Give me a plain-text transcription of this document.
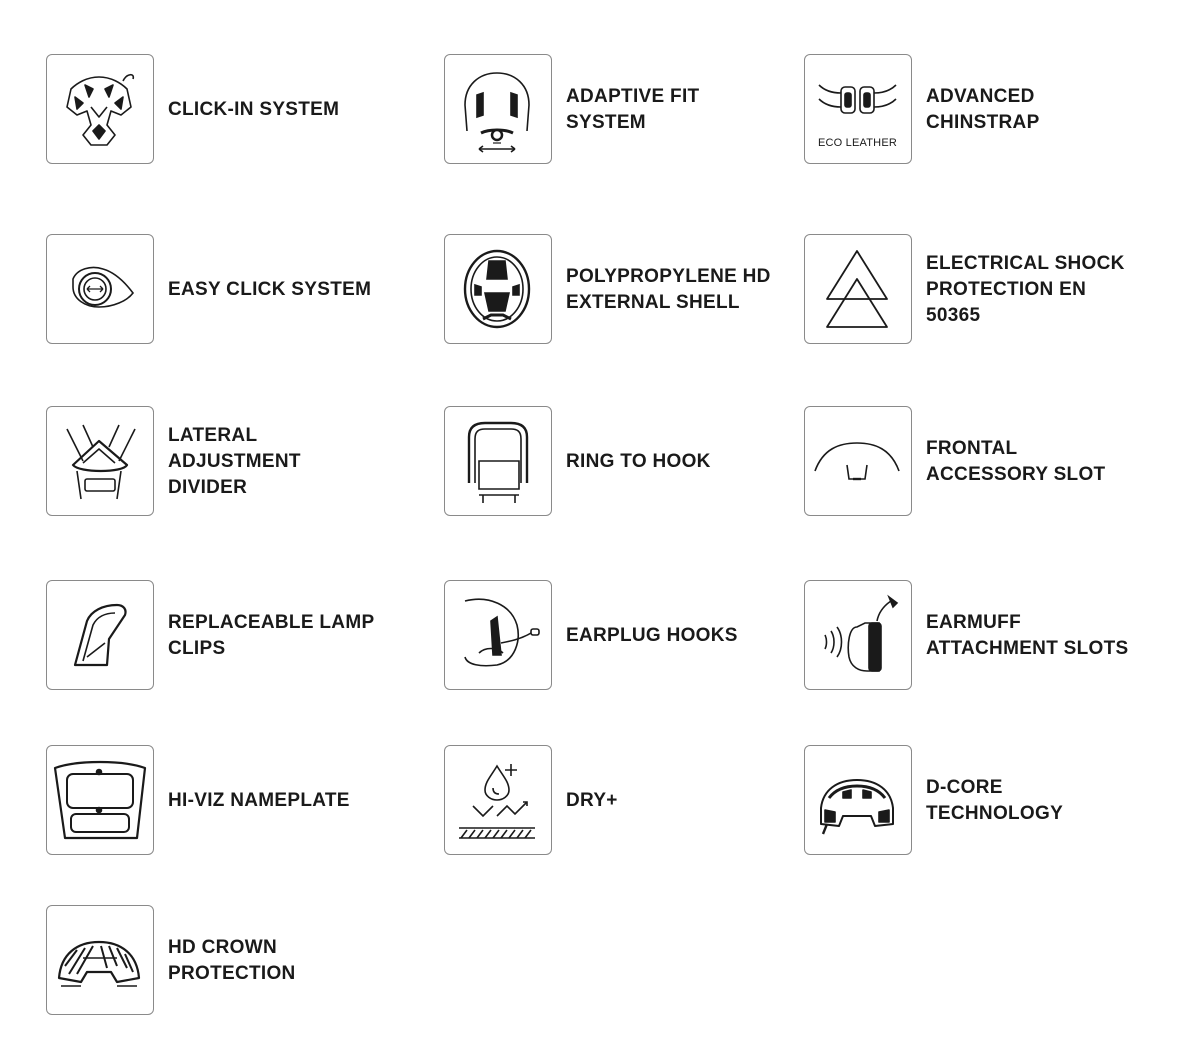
CLICK-IN SYSTEM
ADAPTIVE FIT
SYSTEM
ECO LEATHER
ADVANCED
CHINSTRAP
EASY CLICK SYSTEM
POLYPROPYLENE HD
EXTERNAL SHELL
ELECTRICAL SHOCK
PROTECTION EN
50365
LATERAL
ADJUSTMENT
DIVIDER
RING TO HOOK
FRONTAL
ACCESSORY SLOT
REPLACEABLE LAMP
CLIPS
EARPLUG HOOKS
EARMUFF
ATTACHMENT SLOTS
HI-VIZ NAMEPLATE	DRY+
D-CORE
TECHNOLOGY
HD CROWN
PROTECTION
